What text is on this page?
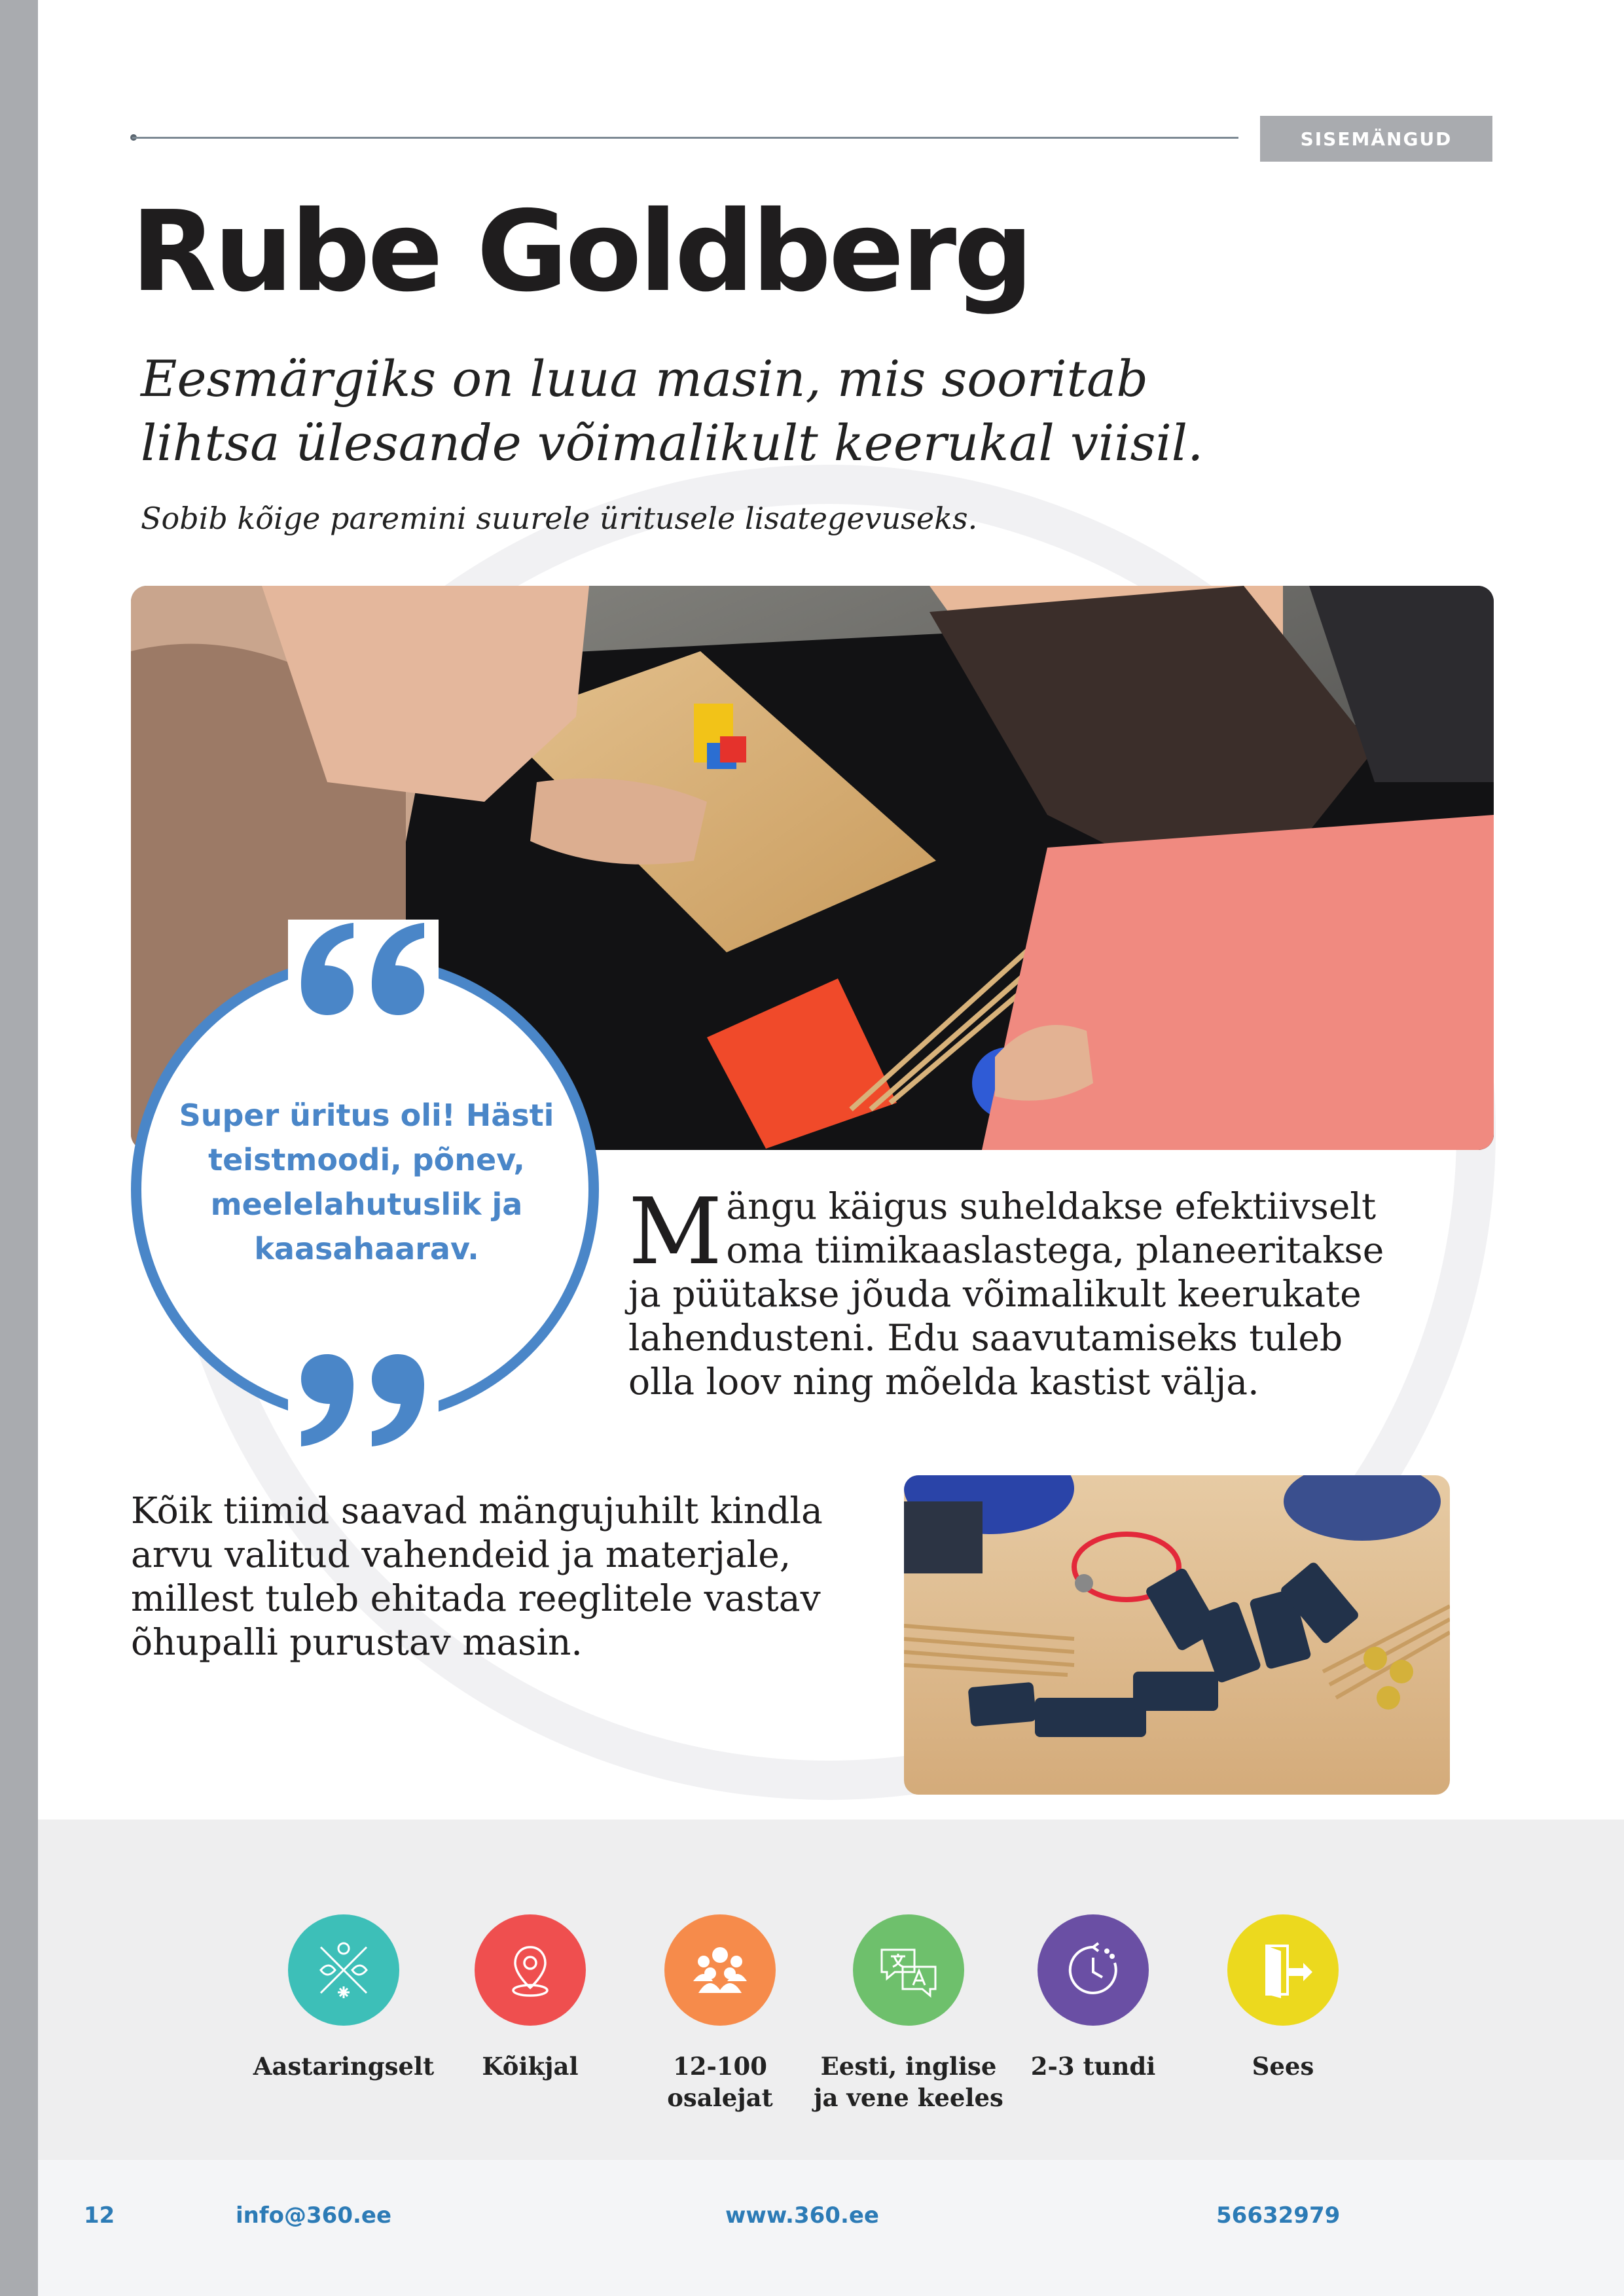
SISEMÄNGUD
Rube Goldberg

Eesmärgiks on luua masin, mis sooritab lihtsa ülesande võimalikult keerukal viisil.

Sobib kõige paremini suurele üritusele lisategevuseks.

Super üritus oli! Hästi teistmoodi, põnev, meelelahutuslik ja kaasahaarav.	Mängu käigus suheldakse efektiivselt oma tiimikaaslastega, planeeritakse ja püütakse jõuda võimalikult keerukate lahendusteni. Edu saavutamiseks tuleb olla loov ning mõelda kastist välja.

Kõik tiimid saavad mängujuhilt kindla arvu valitud vahendeid ja materjale, millest tuleb ehitada reeglitele vastav õhupalli purustav masin.

Aastaringselt	Kõikjal	12-100 osalejat
Eesti, inglise ja vene keeles
2-3 tundi	Sees
12	info@360.ee	www.360.ee	56632979
